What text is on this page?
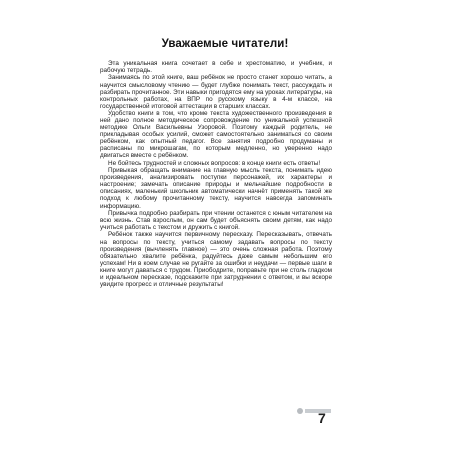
Уважаемые читатели!

Эта уникальная книга сочетает в себе и хрестоматию, и учебник, и рабочую тетрадь.

Занимаясь по этой книге, ваш ребёнок не просто станет хорошо читать, а научится смысловому чтению — будет глубже понимать текст, рассуждать и разбирать прочитанное. Эти навыки пригодятся ему на уроках литературы, на контрольных работах, на ВПР по русскому языку в 4-м классе, на государственной итоговой аттестации в старших классах.

Удобство книги в том, что кроме текста художественного произведения в ней дано полное методическое сопровождение по уникальной успешной методике Ольги Васильевны Узоровой. Поэтому каждый родитель, не прикладывая особых усилий, сможет самостоятельно заниматься со своим ребёнком, как опытный педагог. Все занятия подробно продуманы и расписаны по микрошагам, по которым медленно, но уверенно надо двигаться вместе с ребёнком.

Не бойтесь трудностей и сложных вопросов: в конце книги есть ответы!

Привыкая обращать внимание на главную мысль текста, понимать идею произведения, анализировать поступки персонажей, их характеры и настроение; замечать описание природы и мельчайшие подробности в описаниях, маленький школьник автоматически начнёт применять такой же подход к любому прочитанному тексту, научится навсегда запоминать информацию.

Привычка подробно разбирать при чтении останется с юным читателем на всю жизнь. Став взрослым, он сам будет объяснять своим детям, как надо учиться работать с текстом и дружить с книгой.

Ребёнок также научится первичному пересказу. Пересказывать, отвечать на вопросы по тексту, учиться самому задавать вопросы по тексту произведения (вычленять главное) — это очень сложная работа. Поэтому обязательно хвалите ребёнка, радуйтесь даже самым небольшим его успехам! Ни в коем случае не ругайте за ошибки и неудачи — первые шаги в книге могут даваться с трудом. Приободрите, поправьте при не столь гладком и идеальном пересказе, подскажите при затруднении с ответом, и вы вскоре увидите прогресс и отличные результаты!

7
